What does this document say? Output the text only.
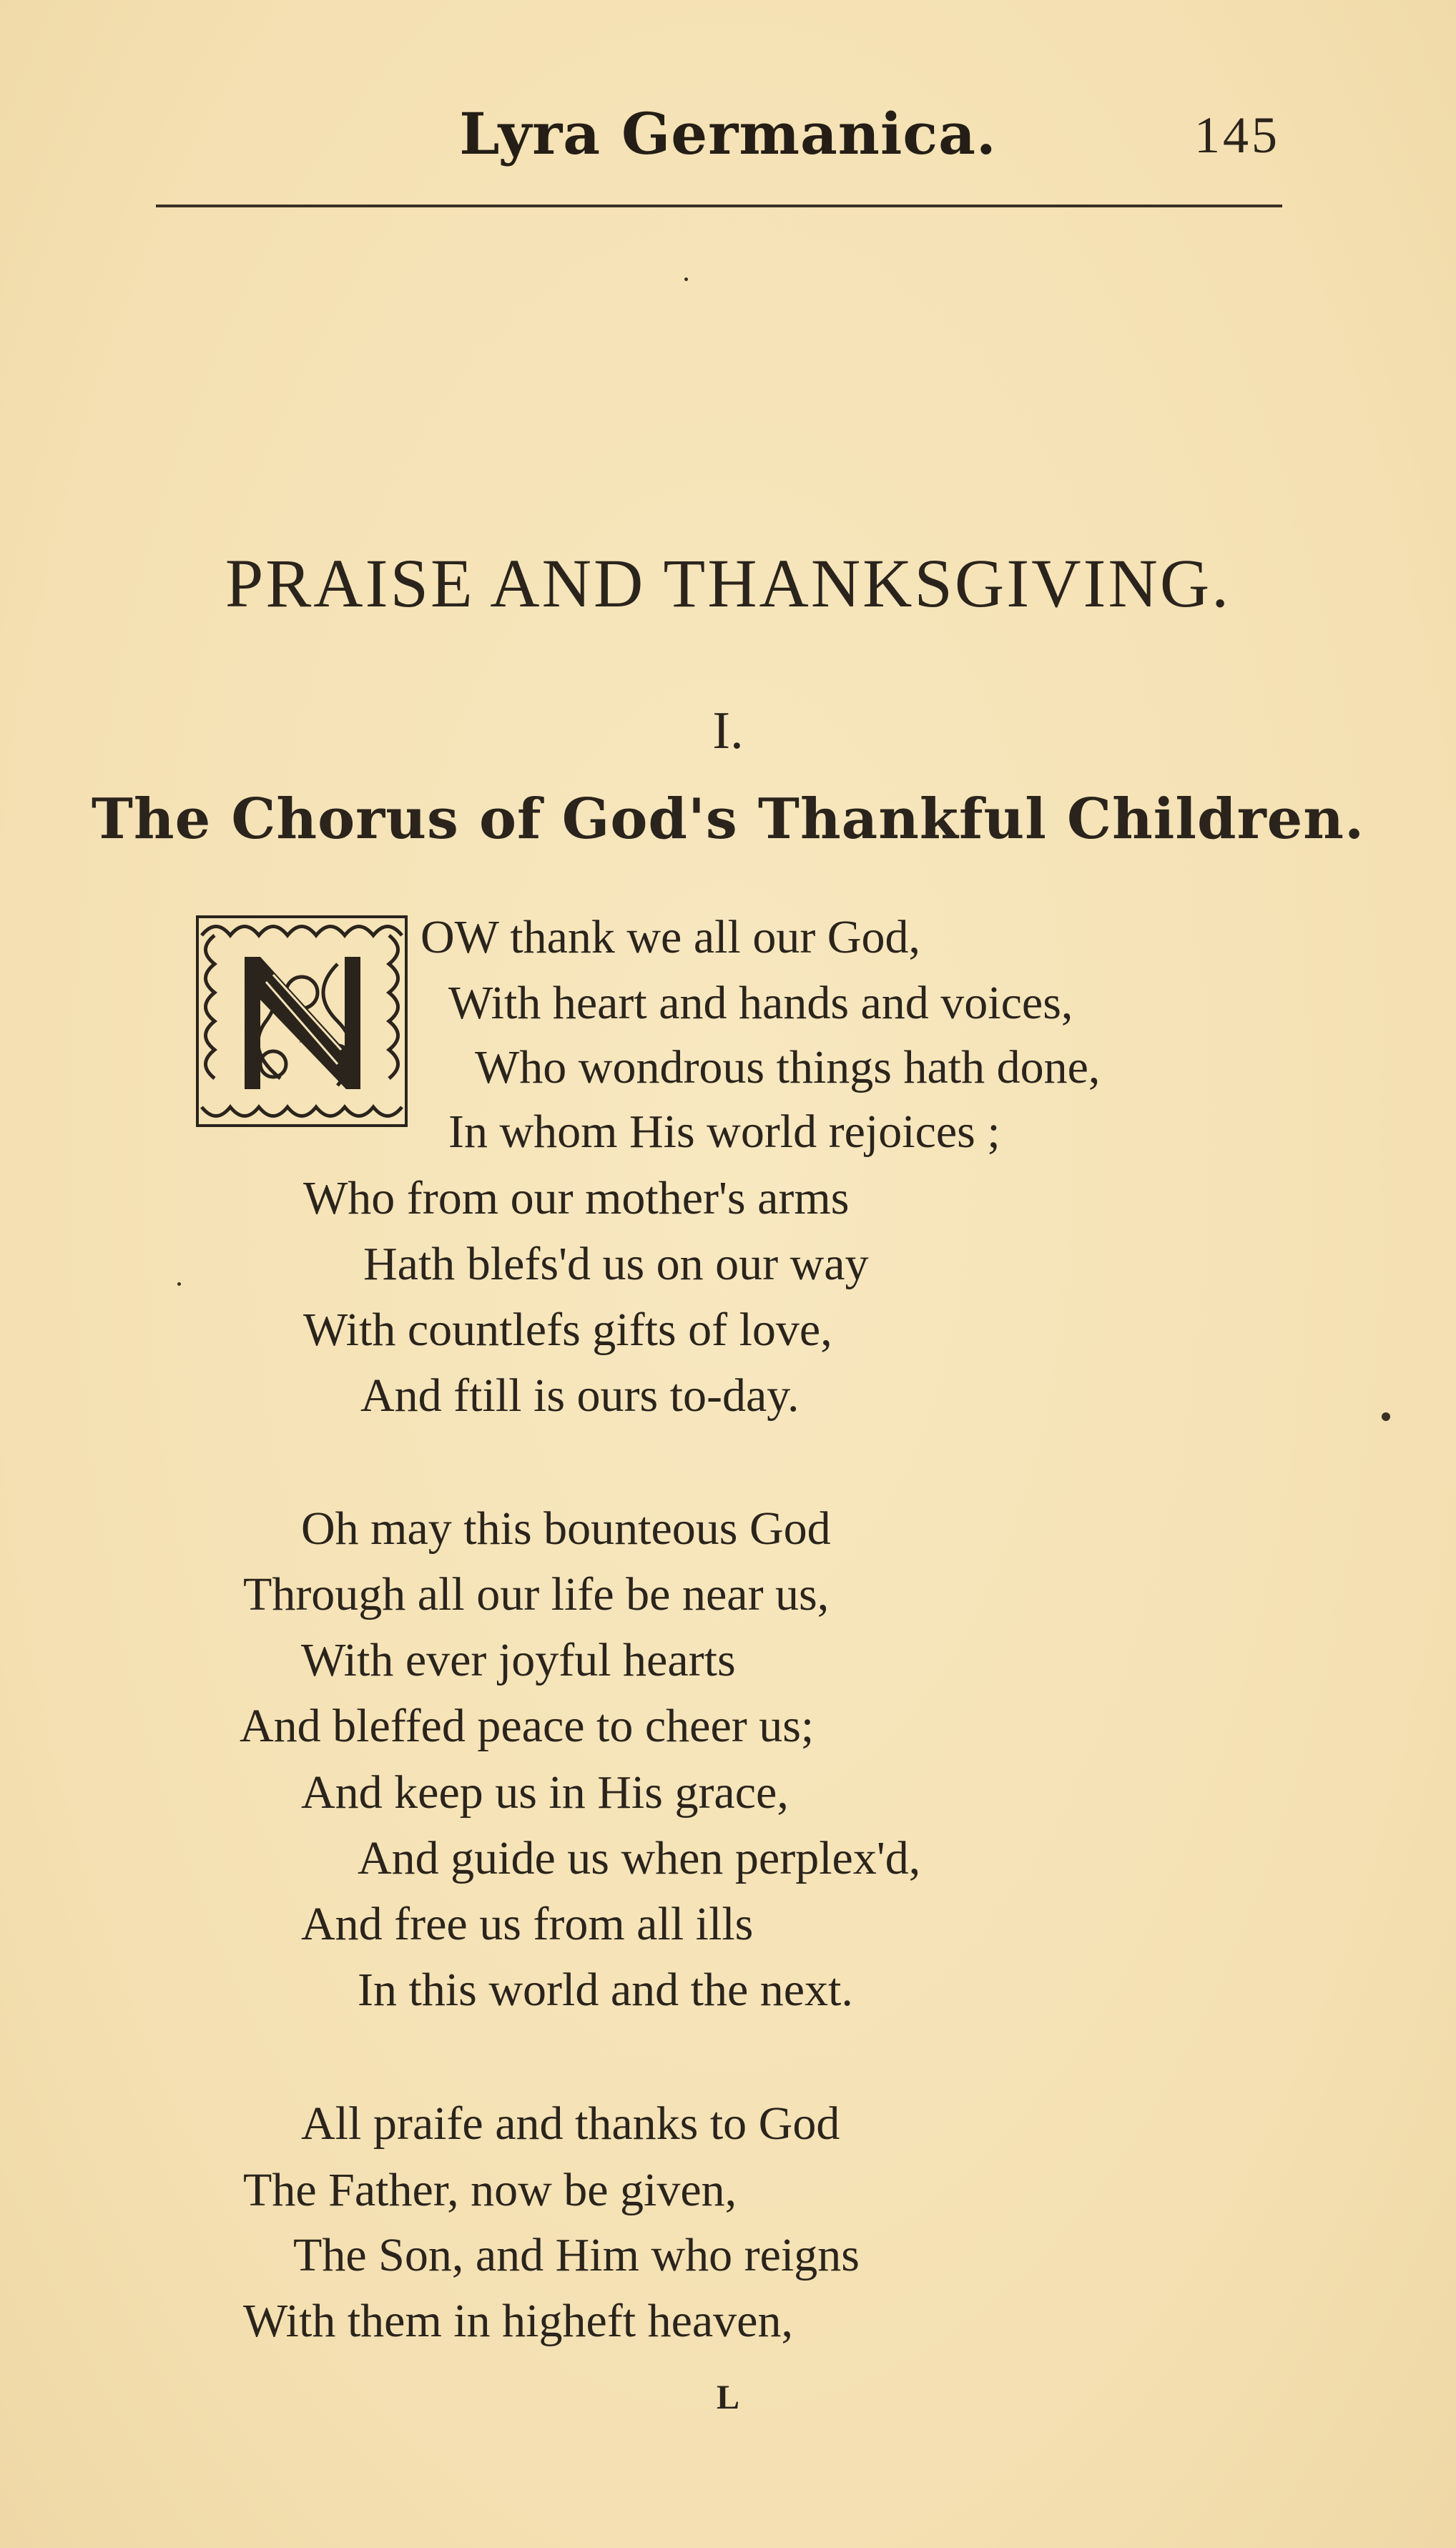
Lyra Germanica.	145
PRAISE AND THANKSGIVING.
I.
The Chorus of God's Thankful Children.
N
OW thank we all our God,
With heart and hands and voices,
Who wondrous things hath done,
In whom His world rejoices ;
Who from our mother's arms
Hath blefs'd us on our way
With countlefs gifts of love,
And ftill is ours to-day.
Oh may this bounteous God
Through all our life be near us,
With ever joyful hearts
And bleffed peace to cheer us;
And keep us in His grace,
And guide us when perplex'd,
And free us from all ills
In this world and the next.
All praife and thanks to God
The Father, now be given,
The Son, and Him who reigns
With them in higheft heaven,
L
